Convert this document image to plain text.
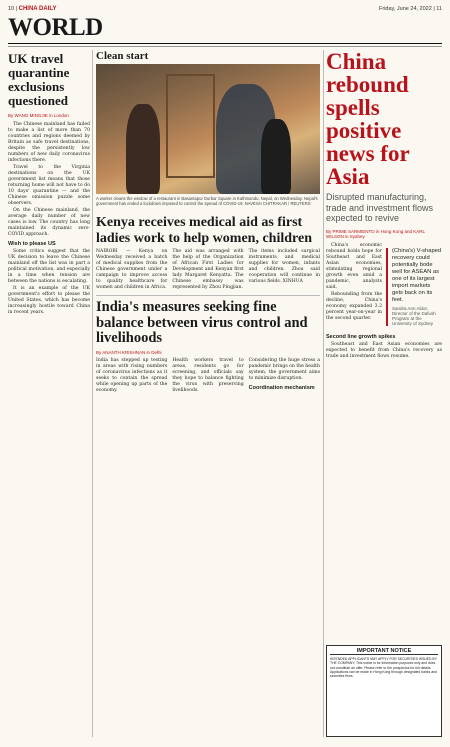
10 | CHINA DAILY	Friday, June 24, 2022 | 11
WORLD
UK travel quarantine exclusions questioned
By WANG MINGJIE in London

The Chinese mainland has failed to make a list of more than 70 countries and regions deemed by Britain as safe travel destinations, despite the persistently low numbers of new daily coronavirus infections there.

Travel to the Virginia destinations on the UK government list means that those returning home will not have to do 10 days' quarantine — and the Chinese omission puzzle some observers.

On the Chinese mainland, the average daily number of new cases is low. The country has long maintained its dynamic zero-COVID approach.

Wish to please US

Some critics suggest that the UK decision to leave the Chinese mainland off the list was in part a political motivation, and especially in a time when tension are between the nations is escalating.

It is an example of the UK government's effort to please the United States, which has become increasingly hostile toward China in recent years.

Clean start
A worker cleans the window of a restaurant in Basantapur Durbar Square in Kathmandu, Nepal, on Wednesday. Nepal's government has ended a lockdown imposed to control the spread of COVID-19. NAVESH CHITRAKAR / REUTERS
Kenya receives medical aid as first ladies work to help women, children
NAIROBI — Kenya on Wednesday received a batch of medical supplies from the Chinese government under a campaign to improve access to quality healthcare for women and children in Africa.
The aid was arranged with the help of the Organization of African First Ladies for Development and Kenyan first lady Margaret Kenyatta. The Chinese embassy was represented by Zhou Pingjian.
The items included surgical instruments and medical supplies for women, infants and children. Zhou said cooperation will continue in various fields. XINHUA
India's measures seeking fine balance between virus control and livelihoods
By ANANTH KRISHNAN in Delhi
India has stepped up testing in areas with rising numbers of coronavirus infections as it seeks to contain the spread while opening up parts of the economy.
Health workers travel to areas, residents go for screening, and officials say they hope to balance fighting the virus with preserving livelihoods.
Considering the huge stress a pandemic brings on the health system, the government aims to minimize disruption.
Coordination mechanism
China rebound spells positive news for Asia
Disrupted manufacturing, trade and investment flows expected to revive
By PRIME SARMIENTO in Hong Kong and KARL WILSON in Sydney

China's economic rebound holds hope for Southeast and East Asian economies, stimulating regional growth even amid a pandemic, analysts said.

Rebounding from the decline, China's economy expanded 3.2 percent year-on-year in the second quarter.

(China's) V-shaped recovery could potentially bode well for ASEAN as one of its largest import markets gets back on its feet.
Sandra Ann Aldor, Director of the Dafush Program at the University of Sydney
Second line growth spikes

Southeast and East Asian economies are expected to benefit from China's recovery as trade and investment flows resume.

IMPORTANT NOTICE
INTENDED APPLICANTS MAY APPLY FOR SECURITIES ISSUED BY THE COMPANY. This notice is for information purposes only and does not constitute an offer. Please refer to the prospectus for full details. Applications can be made in Hong Kong through designated banks and securities firms.
